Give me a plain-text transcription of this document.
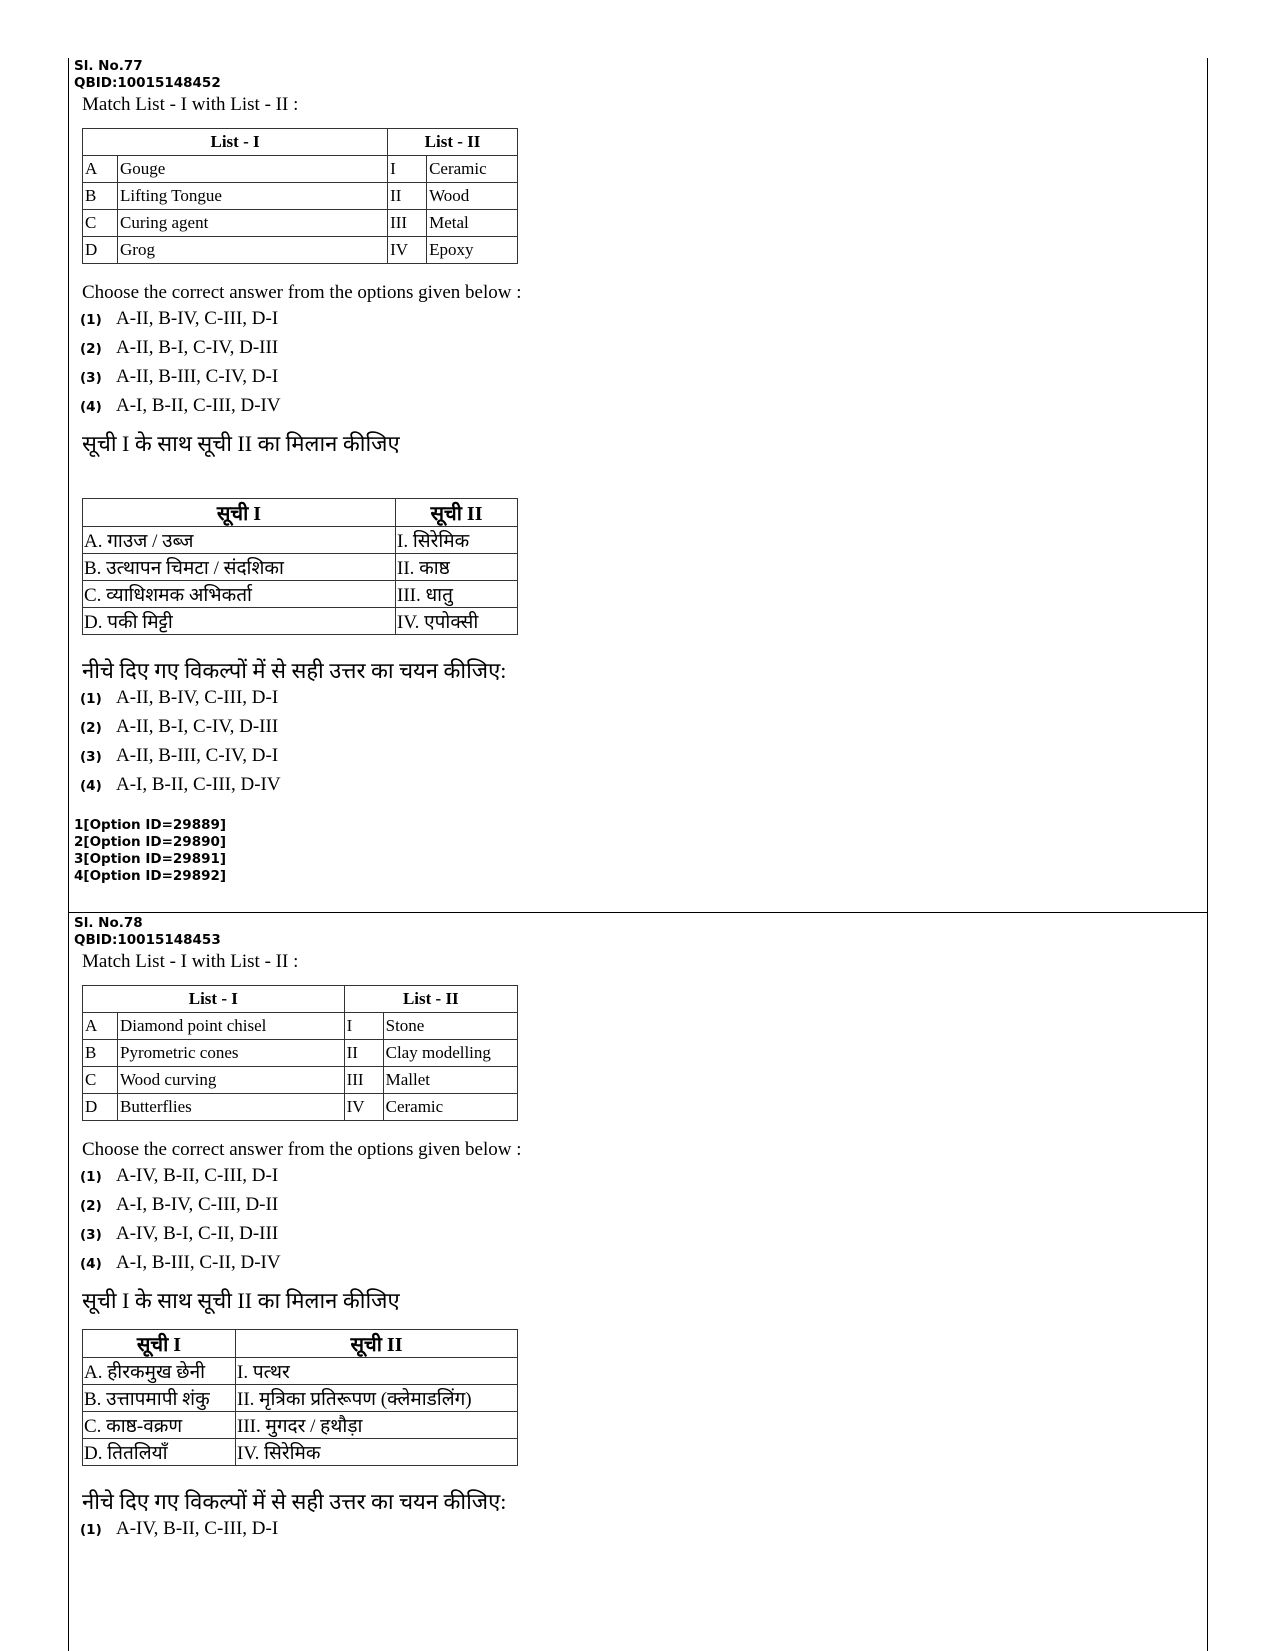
Sl. No.77
QBID:10015148452
Match List - I with List - II :
List - I		List - II	
A	Gouge	I	Ceramic
B	Lifting Tongue	II	Wood
C	Curing agent	III	Metal
D	Grog	IV	Epoxy
Choose the correct answer from the options given below :
(1) A-II, B-IV, C-III, D-I
(2) A-II, B-I, C-IV, D-III
(3) A-II, B-III, C-IV, D-I
(4) A-I, B-II, C-III, D-IV
सूची I के साथ सूची II का मिलान कीजिए
सूची I	सूची II
A. गाउज / उब्ज	I. सिरेमिक
B. उत्थापन चिमटा / संदशिका	II. काष्ठ
C. व्याधिशमक अभिकर्ता	III. धातु
D. पकी मिट्टी	IV. एपोक्सी
नीचे दिए गए विकल्पों में से सही उत्तर का चयन कीजिए:
(1) A-II, B-IV, C-III, D-I
(2) A-II, B-I, C-IV, D-III
(3) A-II, B-III, C-IV, D-I
(4) A-I, B-II, C-III, D-IV
1[Option ID=29889]
2[Option ID=29890]
3[Option ID=29891]
4[Option ID=29892]
Sl. No.78
QBID:10015148453
Match List - I with List - II :
List - I		List - II	
A	Diamond point chisel	I	Stone
B	Pyrometric cones	II	Clay modelling
C	Wood curving	III	Mallet
D	Butterflies	IV	Ceramic
Choose the correct answer from the options given below :
(1) A-IV, B-II, C-III, D-I
(2) A-I, B-IV, C-III, D-II
(3) A-IV, B-I, C-II, D-III
(4) A-I, B-III, C-II, D-IV
सूची I के साथ सूची II का मिलान कीजिए
सूची I	सूची II
A. हीरकमुख छेनी	I. पत्थर
B. उत्तापमापी शंकु	II. मृत्रिका प्रतिरूपण (क्लेमाडलिंग)
C. काष्ठ-वक्रण	III. मुगदर / हथौड़ा
D. तितलियाँ	IV. सिरेमिक
नीचे दिए गए विकल्पों में से सही उत्तर का चयन कीजिए:
(1) A-IV, B-II, C-III, D-I
